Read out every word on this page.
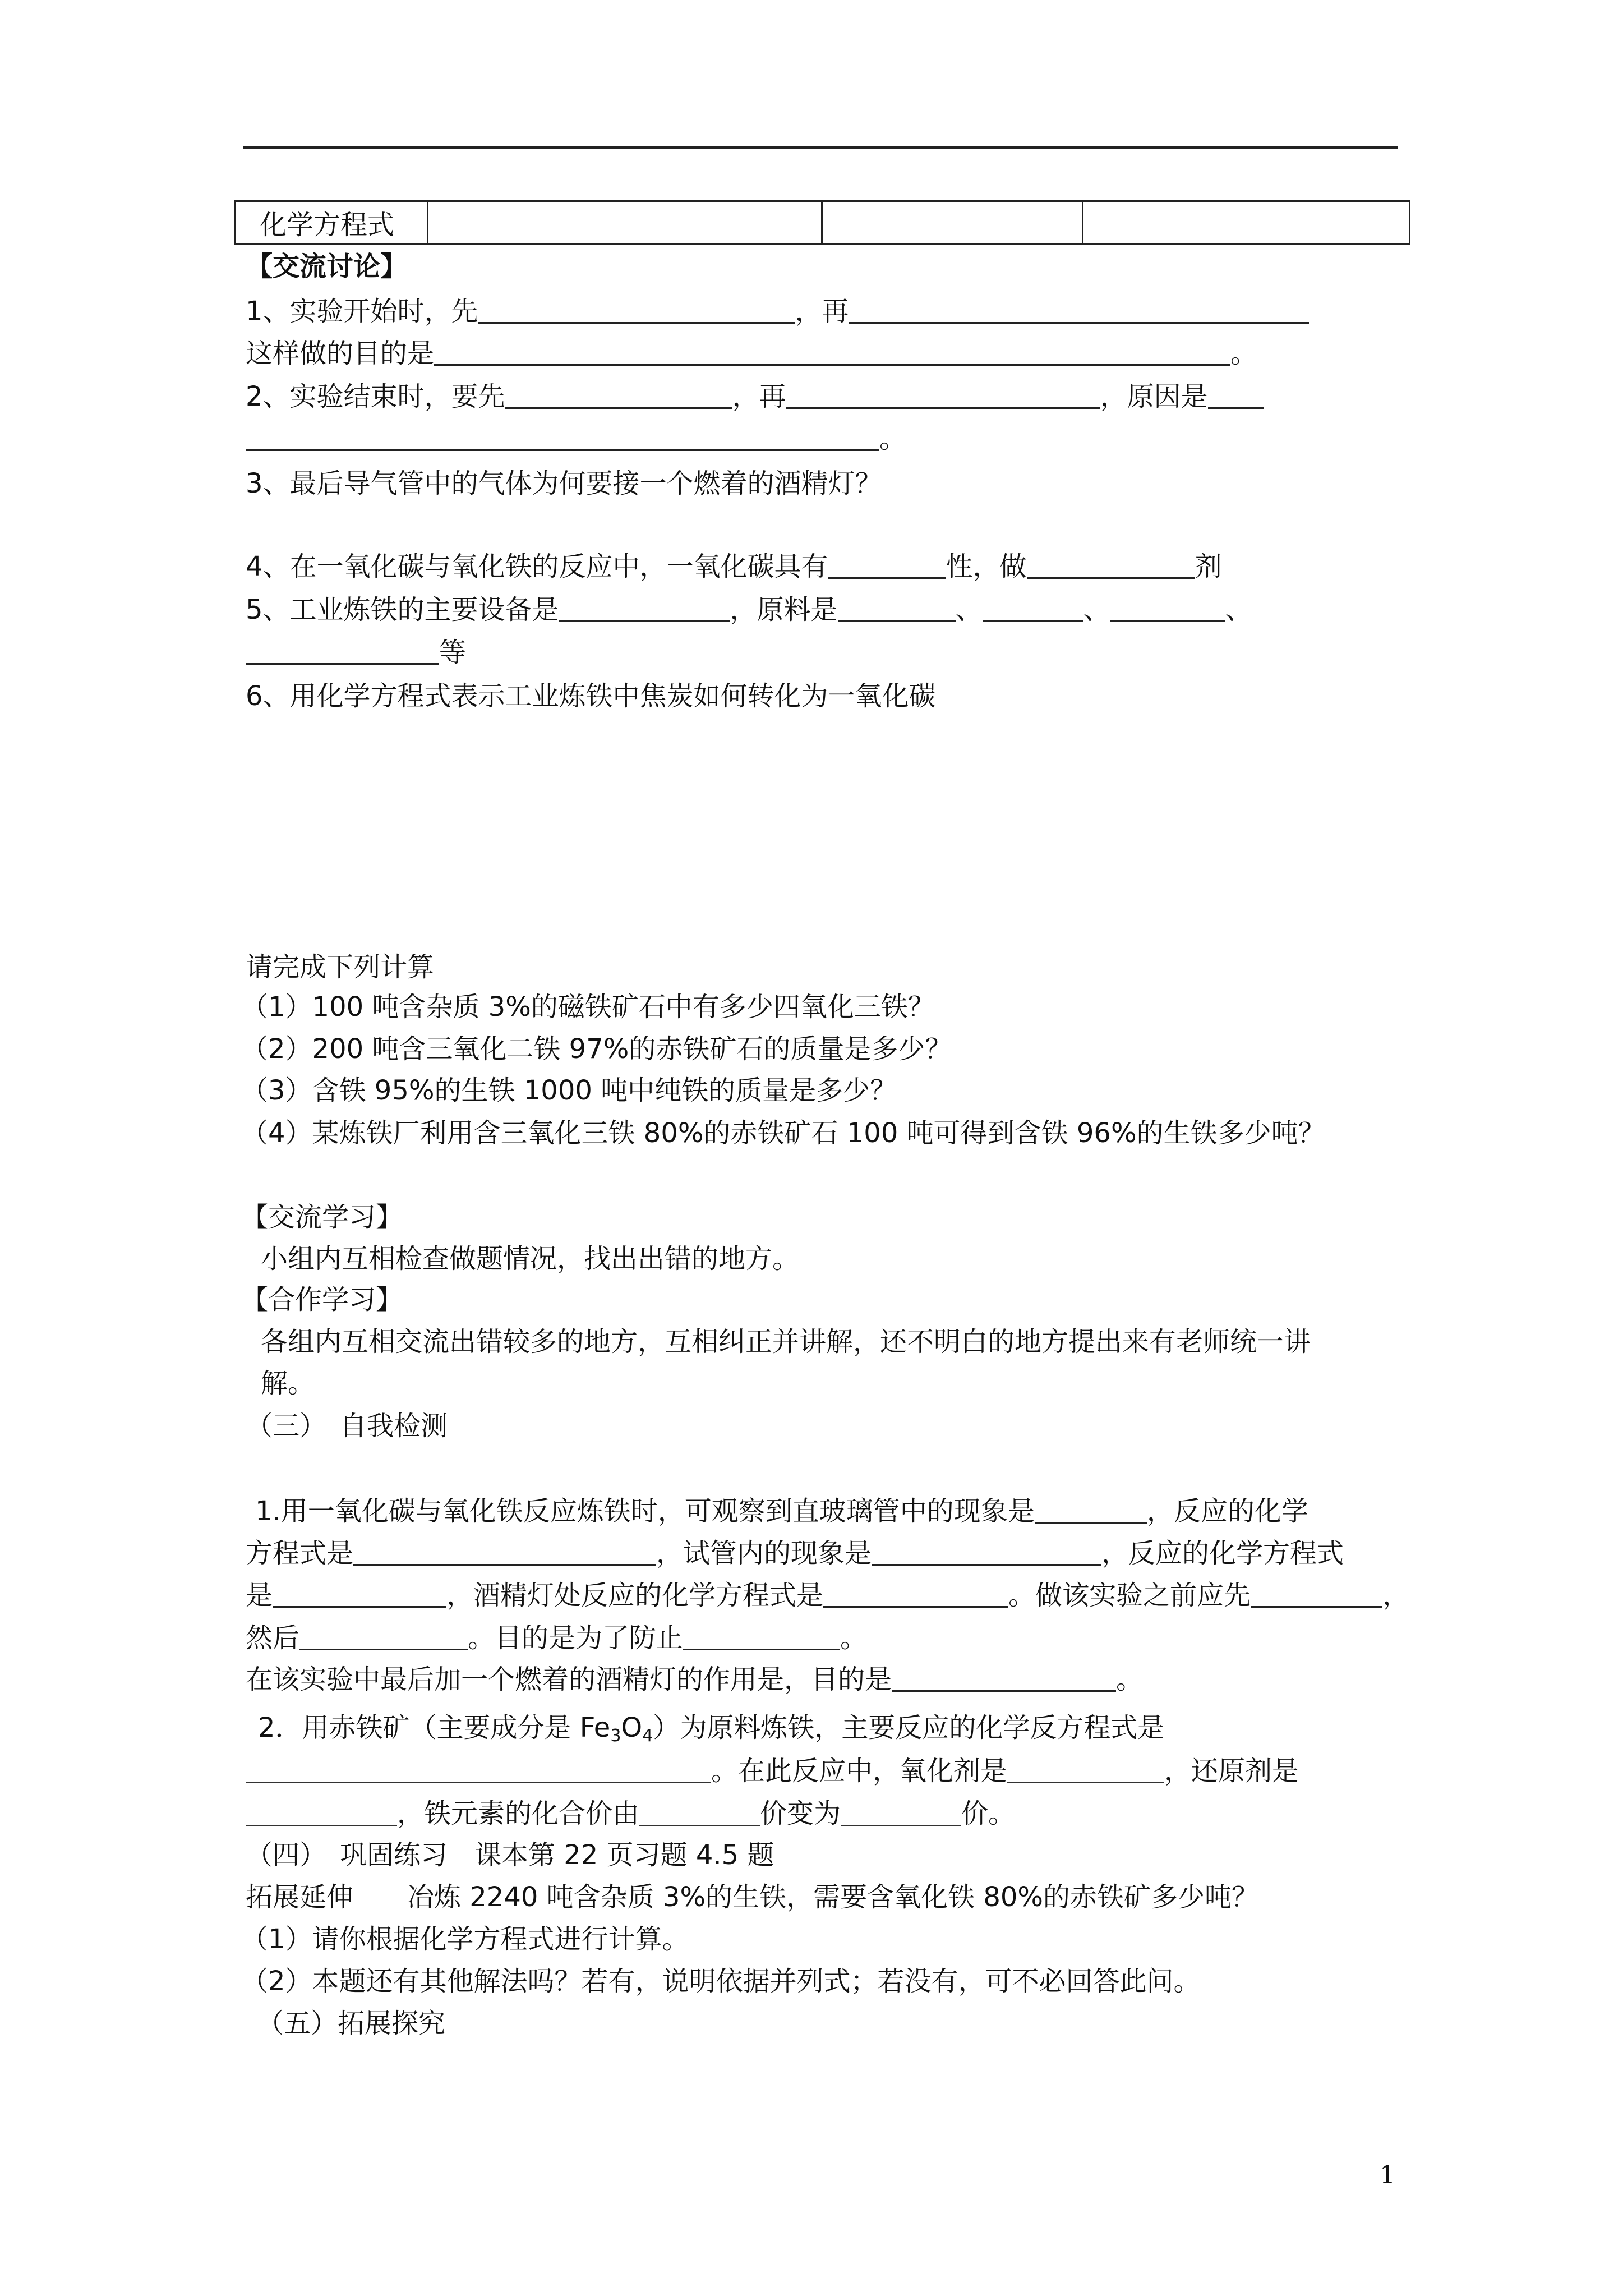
化学方程式			
【交流讨论】
1、实验开始时，先	，再
这样做的目的是	。
2、实验结束时，要先	，再	，原因是
。
3、最后导气管中的气体为何要接一个燃着的酒精灯？
4、在一氧化碳与氧化铁的反应中，一氧化碳具有	性，做	剂
5、工业炼铁的主要设备是	，原料是	、	、	、
等
6、用化学方程式表示工业炼铁中焦炭如何转化为一氧化碳
请完成下列计算
（1）100 吨含杂质 3%的磁铁矿石中有多少四氧化三铁？
（2）200 吨含三氧化二铁 97%的赤铁矿石的质量是多少？
（3）含铁 95%的生铁 1000 吨中纯铁的质量是多少？
（4）某炼铁厂利用含三氧化三铁 80%的赤铁矿石 100 吨可得到含铁 96%的生铁多少吨？
【交流学习】
小组内互相检查做题情况，找出出错的地方。
【合作学习】
各组内互相交流出错较多的地方，互相纠正并讲解，还不明白的地方提出来有老师统一讲
解。
（三）　自我检测
1.用一氧化碳与氧化铁反应炼铁时，可观察到直玻璃管中的现象是	，反应的化学
方程式是	，试管内的现象是	，反应的化学方程式
是	，酒精灯处反应的化学方程式是	。做该实验之前应先	，
然后	。目的是为了防止	。
在该实验中最后加一个燃着的酒精灯的作用是，目的是	。
2．用赤铁矿（主要成分是 $Fe_3O_4$）为原料炼铁，主要反应的化学反方程式是
。在此反应中，氧化剂是	，还原剂是
，铁元素的化合价由	价变为	价。
（四）　巩固练习　课本第 22 页习题 4.5 题
拓展延伸　　冶炼 2240 吨含杂质 3%的生铁，需要含氧化铁 80%的赤铁矿多少吨？
（1）请你根据化学方程式进行计算。
（2）本题还有其他解法吗？若有，说明依据并列式；若没有，可不必回答此问。
（五）拓展探究
1
